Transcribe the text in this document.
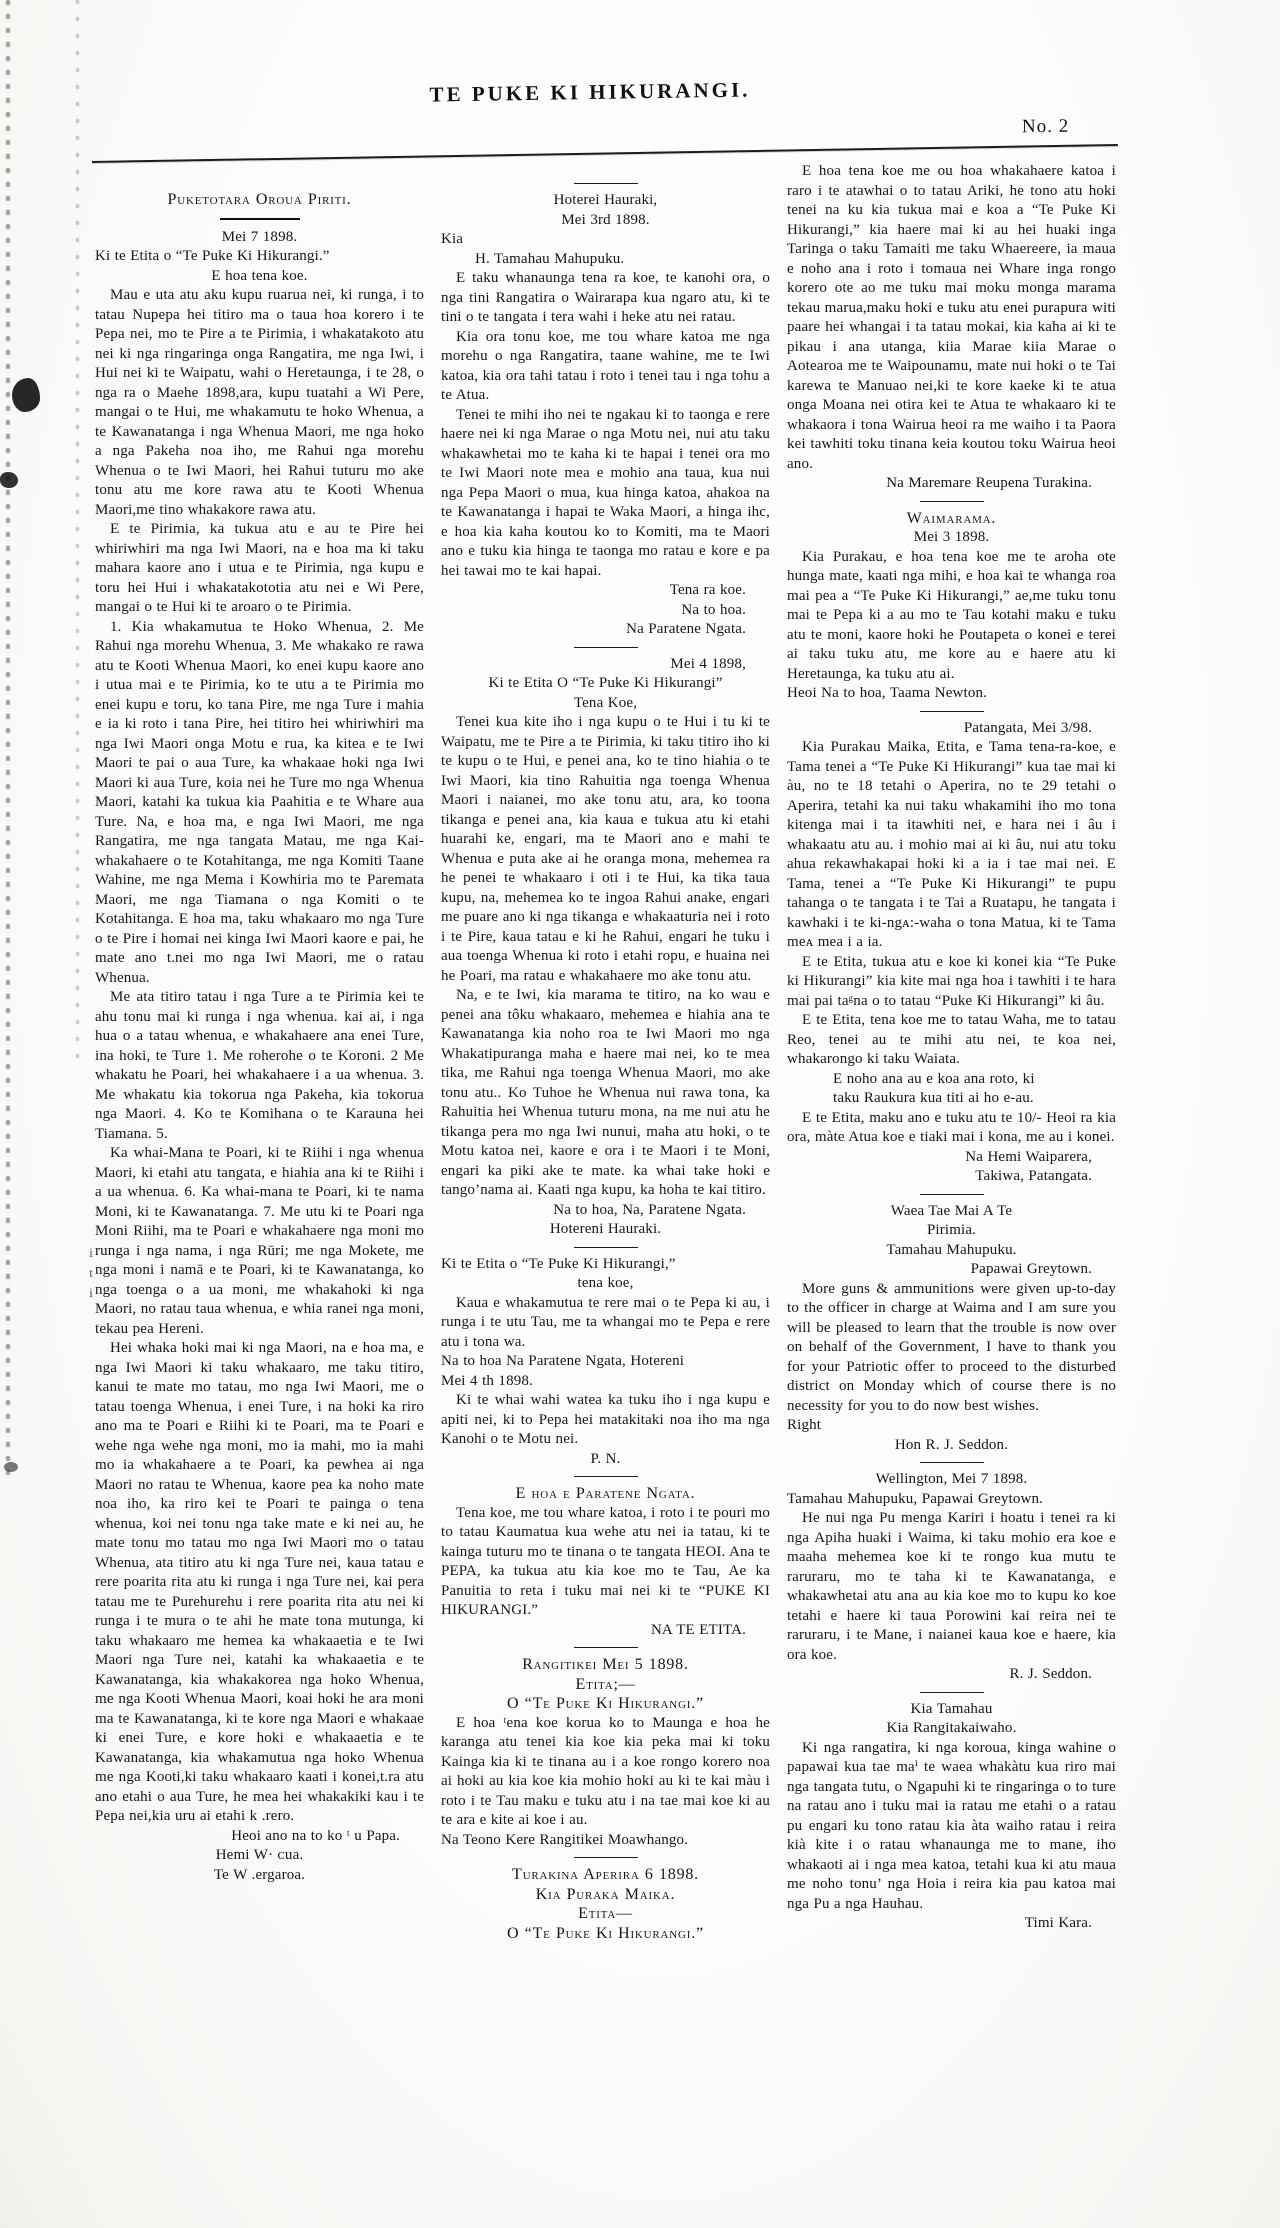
i
t
i
TE PUKE KI HIKURANGI.
No. 2
Puketotara Oroua Piriti.
Mei 7 1898.
Ki te Etita o “Te Puke Ki Hikurangi.”
E hoa tena koe.
Mau e uta atu aku kupu ruarua nei, ki runga, i to tatau Nupepa hei titiro ma o taua hoa korero i te Pepa nei, mo te Pire a te Pirimia, i whakatakoto atu nei ki nga ringaringa onga Rangatira, me nga Iwi, i Hui nei ki te Waipatu, wahi o Heretaunga, i te 28, o nga ra o Maehe 1898,ara, kupu tuatahi a Wi Pere, mangai o te Hui, me whakamutu te hoko Whenua, a te Kawanatanga i nga Whenua Maori, me nga hoko a nga Pakeha noa iho, me Rahui nga morehu Whenua o te Iwi Maori, hei Rahui tuturu mo ake tonu atu me kore rawa atu te Kooti Whenua Maori,me tino whakakore rawa atu.
E te Pirimia, ka tukua atu e au te Pire hei whiriwhiri ma nga Iwi Maori, na e hoa ma ki taku mahara kaore ano i utua e te Pirimia, nga kupu e toru hei Hui i whakatakototia atu nei e Wi Pere, mangai o te Hui ki te aroaro o te Pirimia.
1. Kia whakamutua te Hoko Whenua, 2. Me Rahui nga morehu Whenua, 3. Me whakako re rawa atu te Kooti Whenua Maori, ko enei kupu kaore ano i utua mai e te Pirimia, ko te utu a te Pirimia mo enei kupu e toru, ko tana Pire, me nga Ture i mahia e ia ki roto i tana Pire, hei titiro hei whiriwhiri ma nga Iwi Maori onga Motu e rua, ka kitea e te Iwi Maori te pai o aua Ture, ka whakaae hoki nga Iwi Maori ki aua Ture, koia nei he Ture mo nga Whenua Maori, katahi ka tukua kia Paahitia e te Whare aua Ture. Na, e hoa ma, e nga Iwi Maori, me nga Rangatira, me nga tangata Matau, me nga Kai-whakahaere o te Kotahitanga, me nga Komiti Taane Wahine, me nga Mema i Kowhiria mo te Paremata Maori, me nga Tiamana o nga Komiti o te Kotahitanga. E hoa ma, taku whakaaro mo nga Ture o te Pire i homai nei kinga Iwi Maori kaore e pai, he mate ano t.nei mo nga Iwi Maori, me o ratau Whenua.
Me ata titiro tatau i nga Ture a te Pirimia kei te ahu tonu mai ki runga i nga whenua. kai ai, i nga hua o a tatau whenua, e whakahaere ana enei Ture, ina hoki, te Ture 1. Me roherohe o te Koroni. 2 Me whakatu he Poari, hei whakahaere i a ua whenua. 3. Me whakatu kia tokorua nga Pakeha, kia tokorua nga Maori. 4. Ko te Komihana o te Karauna hei Tiamana. 5.
Ka whai-Mana te Poari, ki te Riihi i nga whenua Maori, ki etahi atu tangata, e hiahia ana ki te Riihi i a ua whenua. 6. Ka whai-mana te Poari, ki te nama Moni, ki te Kawanatanga. 7. Me utu ki te Poari nga Moni Riihi, ma te Poari e whakahaere nga moni mo runga i nga nama, i nga Rūri; me nga Mokete, me nga moni i namā e te Poari, ki te Kawanatanga, ko nga toenga o a ua moni, me whakahoki ki nga Maori, no ratau taua whenua, e whia ranei nga moni, tekau pea Hereni.
Hei whaka hoki mai ki nga Maori, na e hoa ma, e nga Iwi Maori ki taku whakaaro, me taku titiro, kanui te mate mo tatau, mo nga Iwi Maori, me o tatau toenga Whenua, i enei Ture, i na hoki ka riro ano ma te Poari e Riihi ki te Poari, ma te Poari e wehe nga wehe nga moni, mo ia mahi, mo ia mahi mo ia whakahaere a te Poari, ka pewhea ai nga Maori no ratau te Whenua, kaore pea ka noho mate noa iho, ka riro kei te Poari te painga o tena whenua, koi nei tonu nga take mate e ki nei au, he mate tonu mo tatau mo nga Iwi Maori mo o tatau Whenua, ata titiro atu ki nga Ture nei, kaua tatau e rere poarita rita atu ki runga i nga Ture nei, kai pera tatau me te Purehurehu i rere poarita rita atu nei ki runga i te mura o te ahi he mate tona mutunga, ki taku whakaaro me hemea ka whakaaetia e te Iwi Maori nga Ture nei, katahi ka whakaaetia e te Kawanatanga, kia whakakorea nga hoko Whenua, me nga Kooti Whenua Maori, koai hoki he ara moni ma te Kawanatanga, ki te kore nga Maori e whakaae ki enei Ture, e kore hoki e whakaaetia e te Kawanatanga, kia whakamutua nga hoko Whenua me nga Kooti,ki taku whakaaro kaati i konei,t.ra atu ano etahi o aua Ture, he mea hei whakakiki kau i te Pepa nei,kia uru ai etahi k .rero.
Heoi ano na to ko ᵗ u Papa.
Hemi W· ᴄua.
Te W .ergaroa.
Hoterei Hauraki,
Mei 3rd 1898.
Kia
H. Tamahau Mahupuku.
E taku whanaunga tena ra koe, te kanohi ora, o nga tini Rangatira o Wairarapa kua ngaro atu, ki te tini o te tangata i tera wahi i heke atu nei ratau.
Kia ora tonu koe, me tou whare katoa me nga morehu o nga Rangatira, taane wahine, me te Iwi katoa, kia ora tahi tatau i roto i tenei tau i nga tohu a te Atua.
Tenei te mihi iho nei te ngakau ki to taonga e rere haere nei ki nga Marae o nga Motu nei, nui atu taku whakawhetai mo te kaha ki te hapai i tenei ora mo te Iwi Maori note mea e mohio ana taua, kua nui nga Pepa Maori o mua, kua hinga katoa, ahakoa na te Kawanatanga i hapai te Waka Maori, a hinga ihc, e hoa kia kaha koutou ko to Komiti, ma te Maori ano e tuku kia hinga te taonga mo ratau e kore e pa hei tawai mo te kai hapai.
Tena ra koe.
Na to hoa.
Na Paratene Ngata.
Mei 4 1898,
Ki te Etita O “Te Puke Ki Hikurangi”
Tena Koe,
Tenei kua kite iho i nga kupu o te Hui i tu ki te Waipatu, me te Pire a te Pirimia, ki taku titiro iho ki te kupu o te Hui, e penei ana, ko te tino hiahia o te Iwi Maori, kia tino Rahuitia nga toenga Whenua Maori i naianei, mo ake tonu atu, ara, ko toona tikanga e penei ana, kia kaua e tukua atu ki etahi huarahi ke, engari, ma te Maori ano e mahi te Whenua e puta ake ai he oranga mona, mehemea ra he penei te whakaaro i oti i te Hui, ka tika taua kupu, na, mehemea ko te ingoa Rahui anake, engari me puare ano ki nga tikanga e whakaaturia nei i roto i te Pire, kaua tatau e ki he Rahui, engari he tuku i aua toenga Whenua ki roto i etahi ropu, e huaina nei he Poari, ma ratau e whakahaere mo ake tonu atu.
Na, e te Iwi, kia marama te titiro, na ko wau e penei ana tôku whakaaro, mehemea e hiahia ana te Kawanatanga kia noho roa te Iwi Maori mo nga Whakatipuranga maha e haere mai nei, ko te mea tika, me Rahui nga toenga Whenua Maori, mo ake tonu atu.. Ko Tuhoe he Whenua nui rawa tona, ka Rahuitia hei Whenua tuturu mona, na me nui atu he tikanga pera mo nga Iwi nunui, maha atu hoki, o te Motu katoa nei, kaore e ora i te Maori i te Moni, engari ka piki ake te mate. ka whai take hoki e tango’nama ai. Kaati nga kupu, ka hoha te kai titiro.
Na to hoa, Na, Paratene Ngata.
Hotereni Hauraki.
Ki te Etita o “Te Puke Ki Hikurangi,”
tena koe,
Kaua e whakamutua te rere mai o te Pepa ki au, i runga i te utu Tau, me ta whangai mo te Pepa e rere atu i tona wa.
Na to hoa Na Paratene Ngata, Hotereni
Mei 4 th 1898.
Ki te whai wahi watea ka tuku iho i nga kupu e apiti nei, ki to Pepa hei matakitaki noa iho ma nga Kanohi o te Motu nei.
P. N.
E hoa e Paratene Ngata.
Tena koe, me tou whare katoa, i roto i te pouri mo to tatau Kaumatua kua wehe atu nei ia tatau, ki te kainga tuturu mo te tinana o te tangata HEOI. Ana te PEPA, ka tukua atu kia koe mo te Tau, Ae ka Panuitia to reta i tuku mai nei ki te “PUKE KI HIKURANGI.”
NA TE ETITA.
Rangitikei Mei 5 1898.
Etita;—
O “Te Puke Ki Hikurangi.”
E hoa ᵗena koe korua ko to Maunga e hoa he karanga atu tenei kia koe kia peka mai ki toku Kainga kia ki te tinana au i a koe rongo korero noa ai hoki au kia koe kia mohio hoki au ki te kai màu i roto i te Tau maku e tuku atu i na tae mai koe ki au te ara e kite ai koe i au.
Na Teono Kere Rangitikei Moawhango.
Turakina Aperira 6 1898.
Kia Puraka Maika.
Etita—
O “Te Puke Ki Hikurangi.”
E hoa tena koe me ou hoa whakahaere katoa i raro i te atawhai o to tatau Ariki, he tono atu hoki tenei na ku kia tukua mai e koa a “Te Puke Ki Hikurangi,” kia haere mai ki au hei huaki inga Taringa o taku Tamaiti me taku Whaereere, ia maua e noho ana i roto i tomaua nei Whare inga rongo korero ote ao me tuku mai moku monga marama tekau marua,maku hoki e tuku atu enei purapura witi paare hei whangai i ta tatau mokai, kia kaha ai ki te pikau i ana utanga, kiia Marae kiia Marae o Aotearoa me te Waipounamu, mate nui hoki o te Tai karewa te Manuao nei,ki te kore kaeke ki te atua onga Moana nei otira kei te Atua te whakaaro ki te whakaora i tona Wairua heoi ra me waiho i ta Paora kei tawhiti toku tinana keia koutou toku Wairua heoi ano.
Na Maremare Reupena Turakina.
Waimarama.
Mei 3 1898.
Kia Purakau, e hoa tena koe me te aroha ote hunga mate, kaati nga mihi, e hoa kai te whanga roa mai pea a “Te Puke Ki Hikurangi,” ae,me tuku tonu mai te Pepa ki a au mo te Tau kotahi maku e tuku atu te moni, kaore hoki he Poutapeta o konei e terei ai taku tuku atu, me kore au e haere atu ki Heretaunga, ka tuku atu ai.
Heoi Na to hoa, Taama Newton.
Patangata, Mei 3/98.
Kia Purakau Maika, Etita, e Tama tena-ra-koe, e Tama tenei a “Te Puke Ki Hikurangi” kua tae mai ki àu, no te 18 tetahi o Aperira, no te 29 tetahi o Aperira, tetahi ka nui taku whakamihi iho mo tona kitenga mai i ta itawhiti nei, e hara nei i âu i whakaatu atu au. i mohio mai ai ki âu, nui atu toku ahua rekawhakapai hoki ki a ia i tae mai nei. E Tama, tenei a “Te Puke Ki Hikurangi” te pupu tahanga o te tangata i te Tai a Ruatapu, he tangata i kawhaki i te ki-ngᴀ:-waha o tona Matua, ki te Tama meᴀ mea i a ia.
E te Etita, tukua atu e koe ki konei kia “Te Puke ki Hikurangi” kia kite mai nga hoa i tawhiti i te hara mai pai taᵍna o to tatau “Puke Ki Hikurangi” ki âu.
E te Etita, tena koe me to tatau Waha, me to tatau Reo, tenei au te mihi atu nei, te koa nei, whakarongo ki taku Waiata.
E noho ana au e koa ana roto, ki
taku Raukura kua titi ai ho e-au.
E te Etita, maku ano e tuku atu te 10/- Heoi ra kia ora, màte Atua koe e tiaki mai i kona, me au i konei.
Na Hemi Waiparera,
Takiwa, Patangata.
Waea Tae Mai A Te
Pirimia.
Tamahau Mahupuku.
Papawai Greytown.
More guns & ammunitions were given up-to-day to the officer in charge at Waima and I am sure you will be pleased to learn that the trouble is now over on behalf of the Government, I have to thank you for your Patriotic offer to proceed to the disturbed district on Monday which of course there is no necessity for you to do now best wishes.
Right
Hon R. J. Seddon.
Wellington, Mei 7 1898.
Tamahau Mahupuku, Papawai Greytown.
He nui nga Pu menga Kariri i hoatu i tenei ra ki nga Apiha huaki i Waima, ki taku mohio era koe e maaha mehemea koe ki te rongo kua mutu te raruraru, mo te taha ki te Kawanatanga, e whakawhetai atu ana au kia koe mo to kupu ko koe tetahi e haere ki taua Porowini kai reira nei te raruraru, i te Mane, i naianei kaua koe e haere, kia ora koe.
R. J. Seddon.
Kia Tamahau
Kia Rangitakaiwaho.
Ki nga rangatira, ki nga koroua, kinga wahine o papawai kua tae maⁱ te waea whakàtu kua riro mai nga tangata tutu, o Ngapuhi ki te ringaringa o to ture na ratau ano i tuku mai ia ratau me etahi o a ratau pu engari ku tono ratau kia àta waiho ratau i reira kià kite i o ratau whanaunga me to mane, iho whakaoti ai i nga mea katoa, tetahi kua ki atu maua me noho tonu’ nga Hoia i reira kia pau katoa mai nga Pu a nga Hauhau.
Timi Kara.
